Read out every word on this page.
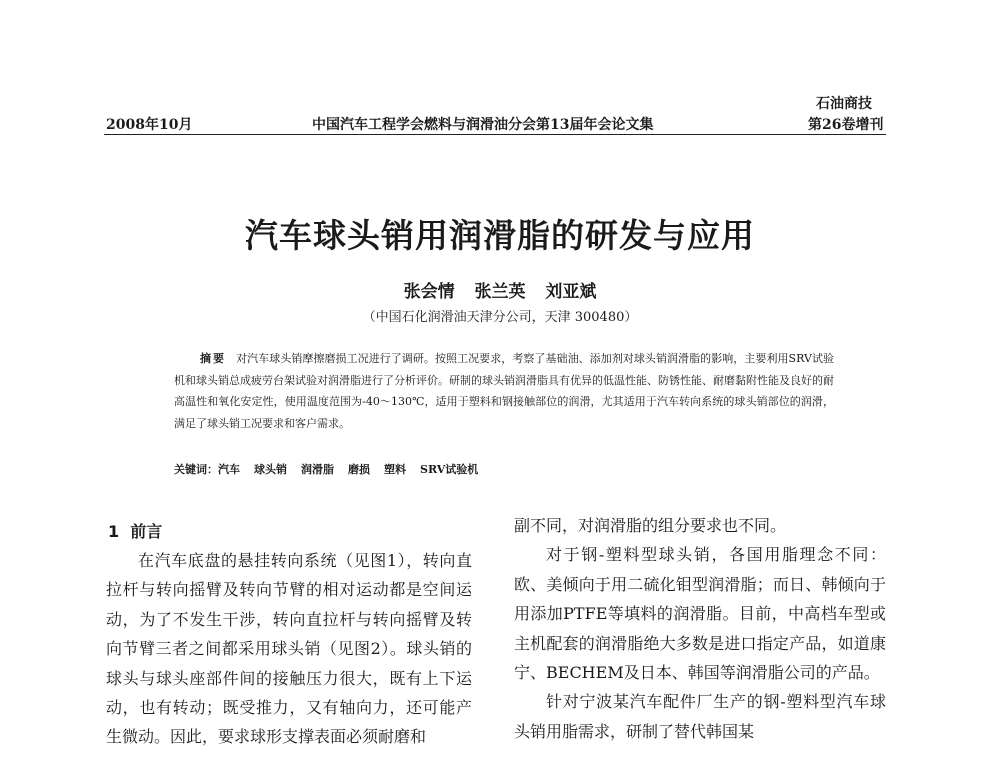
石油商技
2008年10月	中国汽车工程学会燃料与润滑油分会第13届年会论文集	第26卷增刊
汽车球头销用润滑脂的研发与应用
张会情 张兰英 刘亚斌
（中国石化润滑油天津分公司，天津 300480）
摘要 对汽车球头销摩擦磨损工况进行了调研。按照工况要求，考察了基础油、添加剂对球头销润滑脂的影响，主要利用SRV试验机和球头销总成疲劳台架试验对润滑脂进行了分析评价。研制的球头销润滑脂具有优异的低温性能、防锈性能、耐磨黏附性能及良好的耐高温性和氧化安定性，使用温度范围为-40～130℃，适用于塑料和钢接触部位的润滑，尤其适用于汽车转向系统的球头销部位的润滑，满足了球头销工况要求和客户需求。
关键词：汽车 球头销 润滑脂 磨损 塑料 SRV试验机
1 前言

在汽车底盘的悬挂转向系统（见图1），转向直拉杆与转向摇臂及转向节臂的相对运动都是空间运动，为了不发生干涉，转向直拉杆与转向摇臂及转向节臂三者之间都采用球头销（见图2）。球头销的球头与球头座部件间的接触压力很大，既有上下运动，也有转动；既受推力，又有轴向力，还可能产生微动。因此，要求球形支撑表面必须耐磨和

副不同，对润滑脂的组分要求也不同。

对于钢-塑料型球头销，各国用脂理念不同：欧、美倾向于用二硫化钼型润滑脂；而日、韩倾向于用添加PTFE等填料的润滑脂。目前，中高档车型或主机配套的润滑脂绝大多数是进口指定产品，如道康宁、BECHEM及日本、韩国等润滑脂公司的产品。

针对宁波某汽车配件厂生产的钢-塑料型汽车球头销用脂需求，研制了替代韩国某
